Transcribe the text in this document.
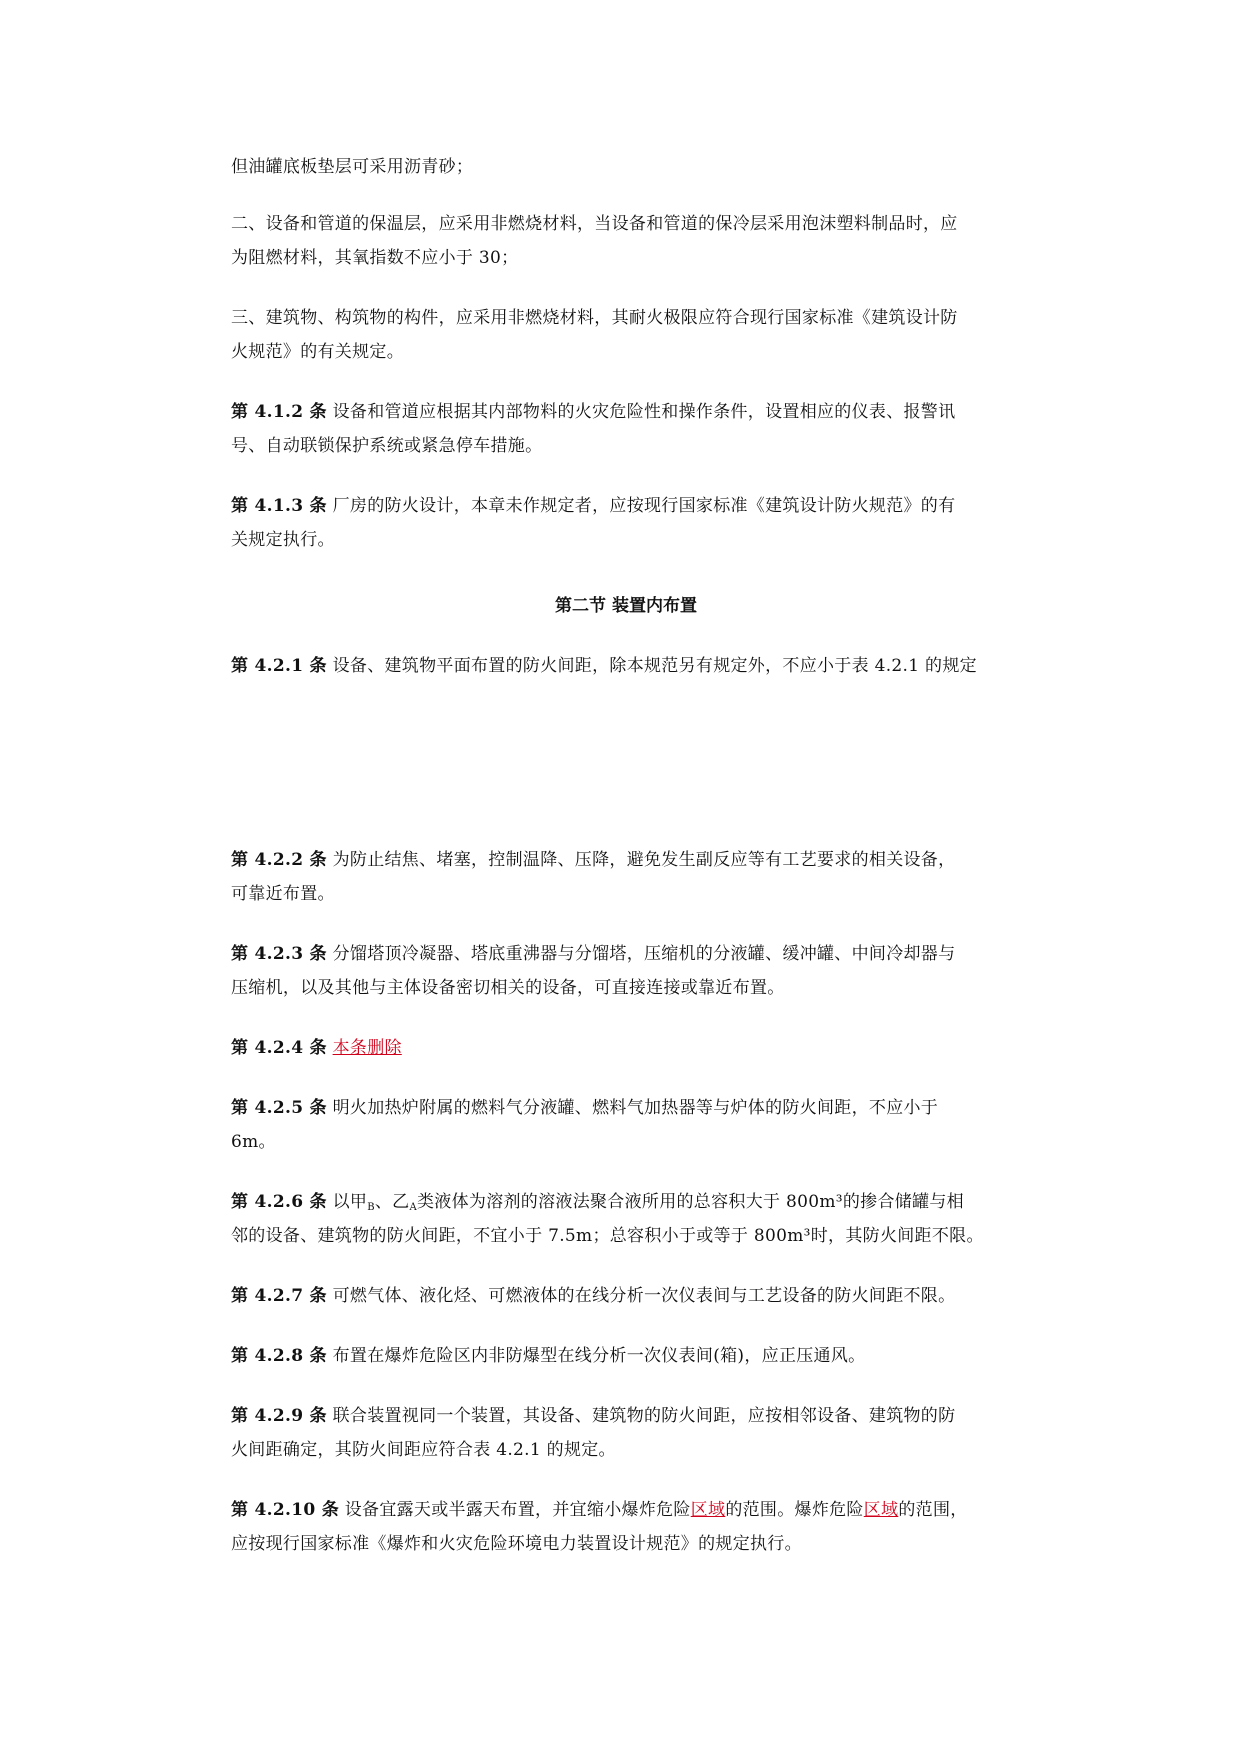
但油罐底板垫层可采用沥青砂；
二、设备和管道的保温层，应采用非燃烧材料，当设备和管道的保冷层采用泡沫塑料制品时，应
为阻燃材料，其氧指数不应小于 30；
三、建筑物、构筑物的构件，应采用非燃烧材料，其耐火极限应符合现行国家标准《建筑设计防
火规范》的有关规定。
第 4.1.2 条 设备和管道应根据其内部物料的火灾危险性和操作条件，设置相应的仪表、报警讯
号、自动联锁保护系统或紧急停车措施。
第 4.1.3 条 厂房的防火设计，本章未作规定者，应按现行国家标准《建筑设计防火规范》的有
关规定执行。
第二节 装置内布置
第 4.2.1 条 设备、建筑物平面布置的防火间距，除本规范另有规定外，不应小于表 4.2.1 的规定
第 4.2.2 条 为防止结焦、堵塞，控制温降、压降，避免发生副反应等有工艺要求的相关设备，
可靠近布置。
第 4.2.3 条 分馏塔顶冷凝器、塔底重沸器与分馏塔，压缩机的分液罐、缓冲罐、中间冷却器与
压缩机，以及其他与主体设备密切相关的设备，可直接连接或靠近布置。
第 4.2.4 条 本条删除
第 4.2.5 条 明火加热炉附属的燃料气分液罐、燃料气加热器等与炉体的防火间距，不应小于
6m。
第 4.2.6 条 以甲$_B$、乙$_A$类液体为溶剂的溶液法聚合液所用的总容积大于 800m³的掺合储罐与相
邻的设备、建筑物的防火间距，不宜小于 7.5m；总容积小于或等于 800m³时，其防火间距不限。
第 4.2.7 条 可燃气体、液化烃、可燃液体的在线分析一次仪表间与工艺设备的防火间距不限。
第 4.2.8 条 布置在爆炸危险区内非防爆型在线分析一次仪表间(箱)，应正压通风。
第 4.2.9 条 联合装置视同一个装置，其设备、建筑物的防火间距，应按相邻设备、建筑物的防
火间距确定，其防火间距应符合表 4.2.1 的规定。
第 4.2.10 条 设备宜露天或半露天布置，并宜缩小爆炸危险区域的范围。爆炸危险区域的范围，
应按现行国家标准《爆炸和火灾危险环境电力装置设计规范》的规定执行。
